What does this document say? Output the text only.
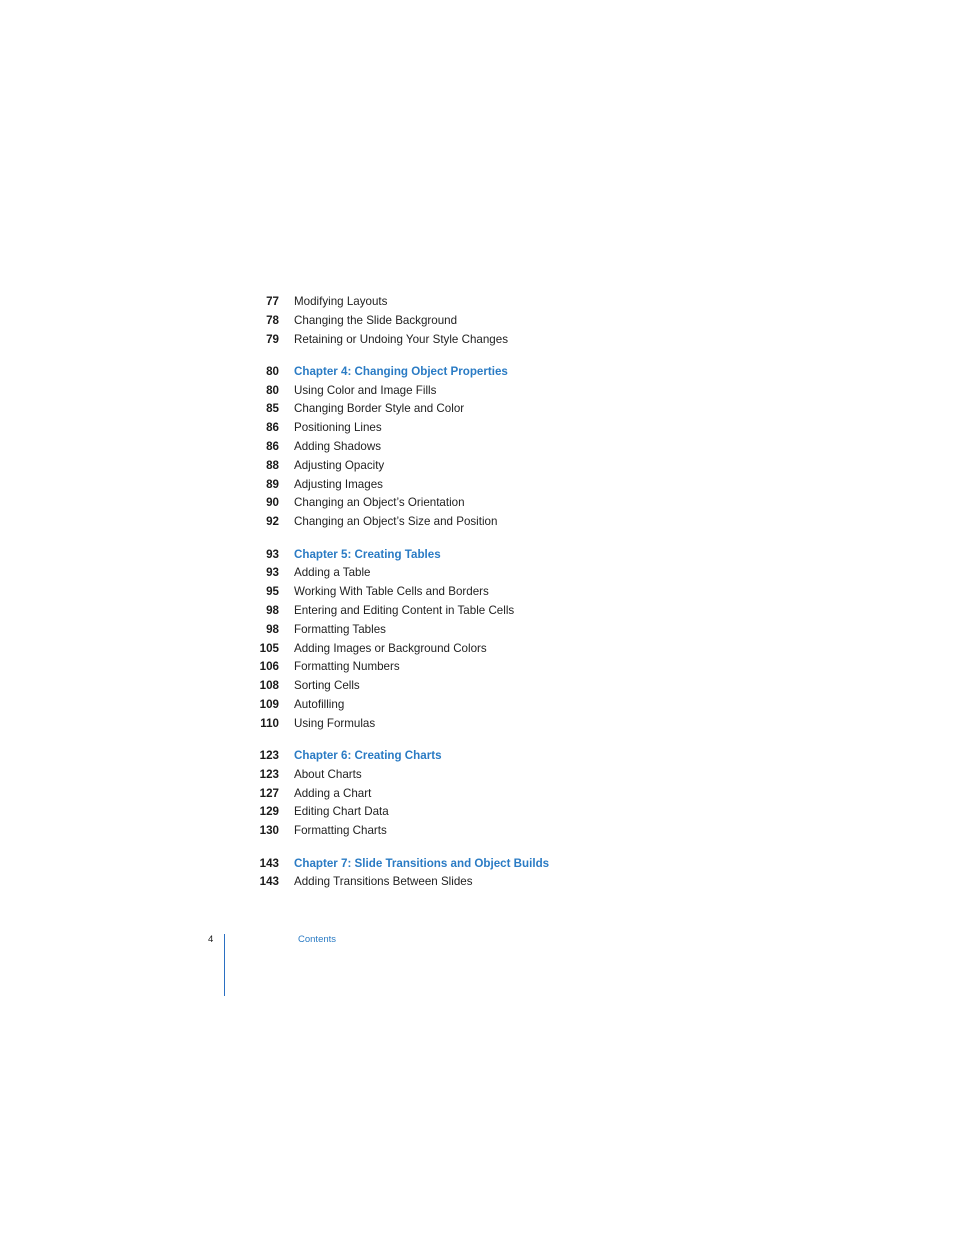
77 Modifying Layouts
78 Changing the Slide Background
79 Retaining or Undoing Your Style Changes
80 Chapter 4: Changing Object Properties
80 Using Color and Image Fills
85 Changing Border Style and Color
86 Positioning Lines
86 Adding Shadows
88 Adjusting Opacity
89 Adjusting Images
90 Changing an Object’s Orientation
92 Changing an Object’s Size and Position
93 Chapter 5: Creating Tables
93 Adding a Table
95 Working With Table Cells and Borders
98 Entering and Editing Content in Table Cells
98 Formatting Tables
105 Adding Images or Background Colors
106 Formatting Numbers
108 Sorting Cells
109 Autofilling
110 Using Formulas
123 Chapter 6: Creating Charts
123 About Charts
127 Adding a Chart
129 Editing Chart Data
130 Formatting Charts
143 Chapter 7: Slide Transitions and Object Builds
143 Adding Transitions Between Slides
4	Contents
